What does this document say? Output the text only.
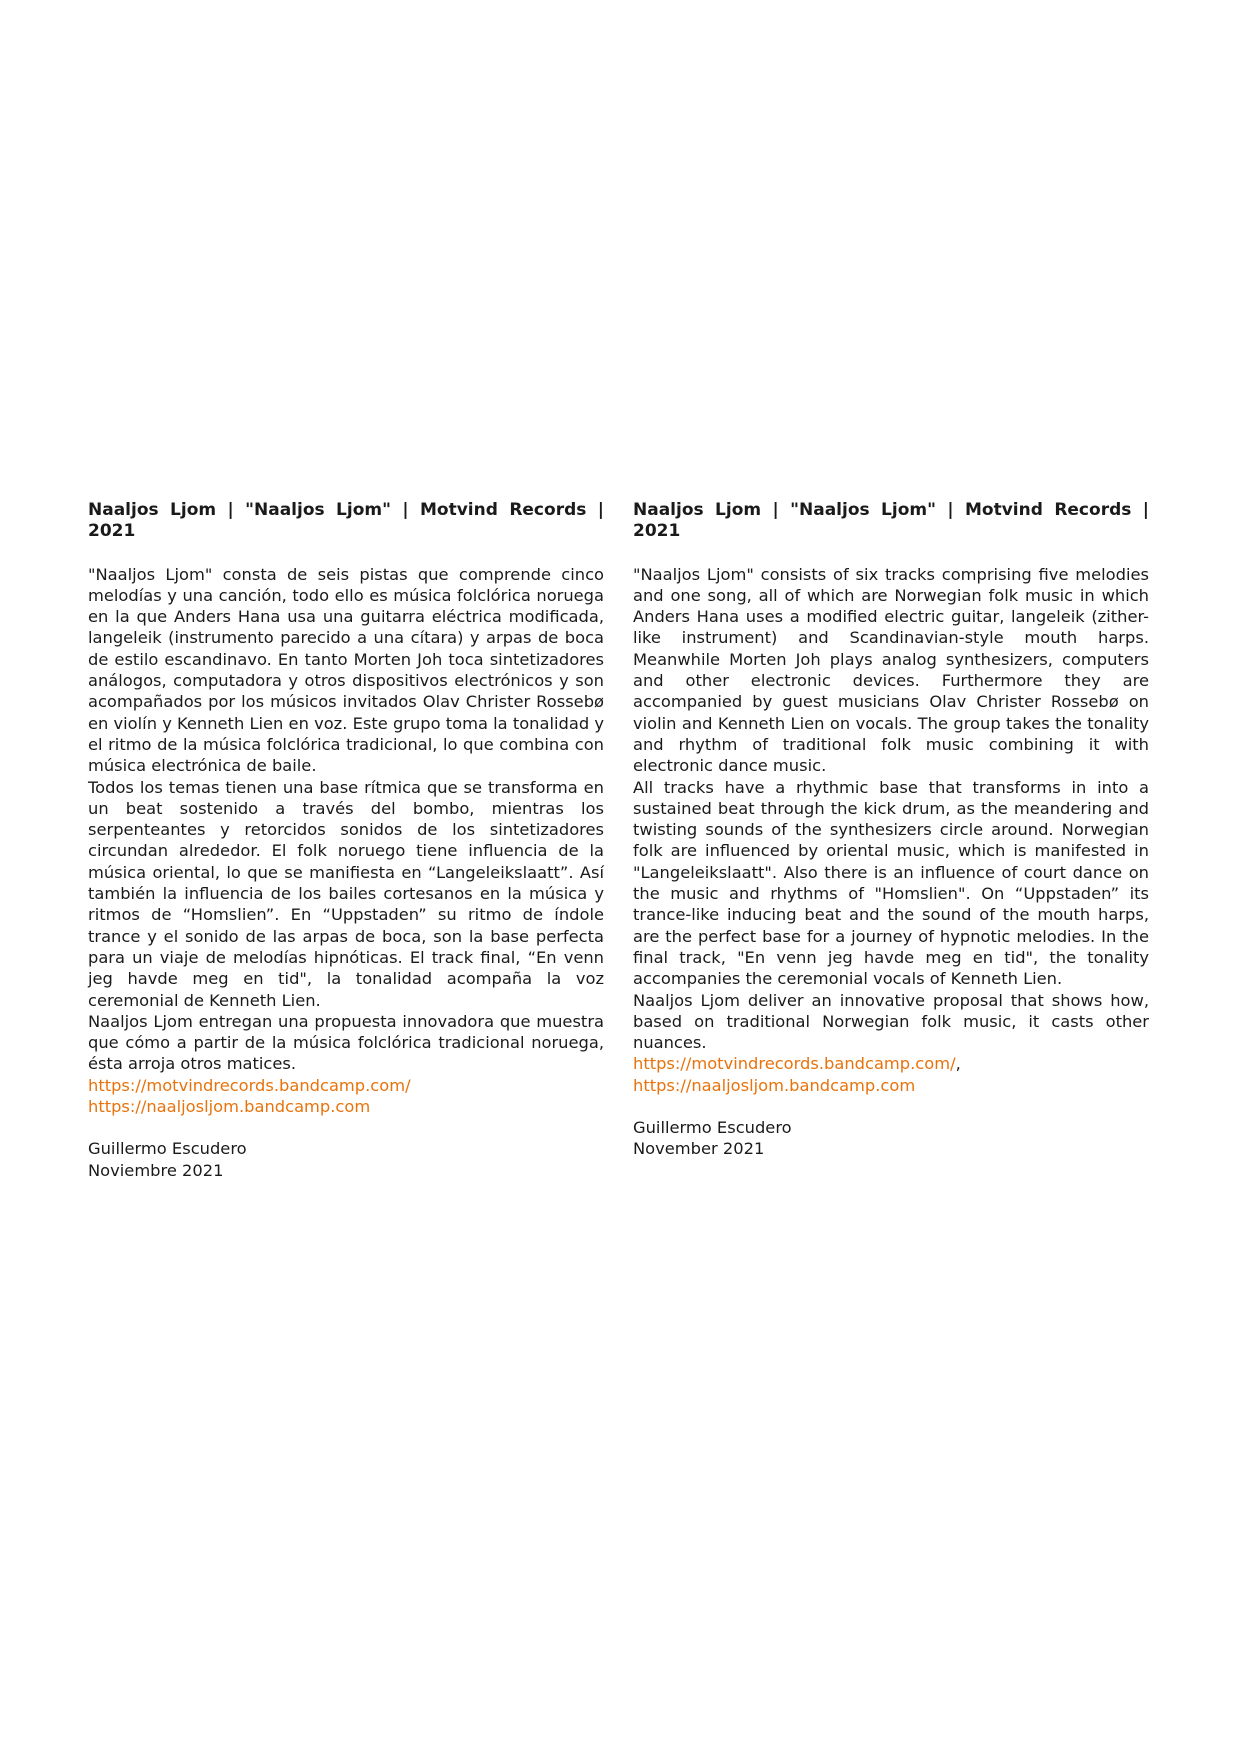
Naaljos Ljom | "Naaljos Ljom" | Motvind Records | 2021

"Naaljos Ljom" consta de seis pistas que comprende cinco melodías y una canción, todo ello es música folclórica noruega en la que Anders Hana usa una guitarra eléctrica modificada, langeleik (instrumento parecido a una cítara) y arpas de boca de estilo escandinavo. En tanto Morten Joh toca sintetizadores análogos, computadora y otros dispositivos electrónicos y son acompañados por los músicos invitados Olav Christer Rossebø en violín y Kenneth Lien en voz. Este grupo toma la tonalidad y el ritmo de la música folclórica tradicional, lo que combina con música electrónica de baile.

Todos los temas tienen una base rítmica que se transforma en un beat sostenido a través del bombo, mientras los serpenteantes y retorcidos sonidos de los sintetizadores circundan alrededor. El folk noruego tiene influencia de la música oriental, lo que se manifiesta en “Langeleikslaatt”. Así también la influencia de los bailes cortesanos en la música y ritmos de “Homslien”. En “Uppstaden” su ritmo de índole trance y el sonido de las arpas de boca, son la base perfecta para un viaje de melodías hipnóticas. El track final, “En venn jeg havde meg en tid", la tonalidad acompaña la voz ceremonial de Kenneth Lien.

Naaljos Ljom entregan una propuesta innovadora que muestra que cómo a partir de la música folclórica tradicional noruega, ésta arroja otros matices.

https://motvindrecords.bandcamp.com/
https://naaljosljom.bandcamp.com
Guillermo Escudero
Noviembre 2021
Naaljos Ljom | "Naaljos Ljom" | Motvind Records | 2021

"Naaljos Ljom" consists of six tracks comprising five melodies and one song, all of which are Norwegian folk music in which Anders Hana uses a modified electric guitar, langeleik (zither-like instrument) and Scandinavian-style mouth harps. Meanwhile Morten Joh plays analog synthesizers, computers and other electronic devices. Furthermore they are accompanied by guest musicians Olav Christer Rossebø on violin and Kenneth Lien on vocals. The group takes the tonality and rhythm of traditional folk music combining it with electronic dance music.

All tracks have a rhythmic base that transforms in into a sustained beat through the kick drum, as the meandering and twisting sounds of the synthesizers circle around. Norwegian folk are influenced by oriental music, which is manifested in "Langeleikslaatt". Also there is an influence of court dance on the music and rhythms of "Homslien". On “Uppstaden” its trance-like inducing beat and the sound of the mouth harps, are the perfect base for a journey of hypnotic melodies. In the final track, "En venn jeg havde meg en tid", the tonality accompanies the ceremonial vocals of Kenneth Lien.

Naaljos Ljom deliver an innovative proposal that shows how, based on traditional Norwegian folk music, it casts other nuances.

https://motvindrecords.bandcamp.com/,
https://naaljosljom.bandcamp.com
Guillermo Escudero
November 2021
